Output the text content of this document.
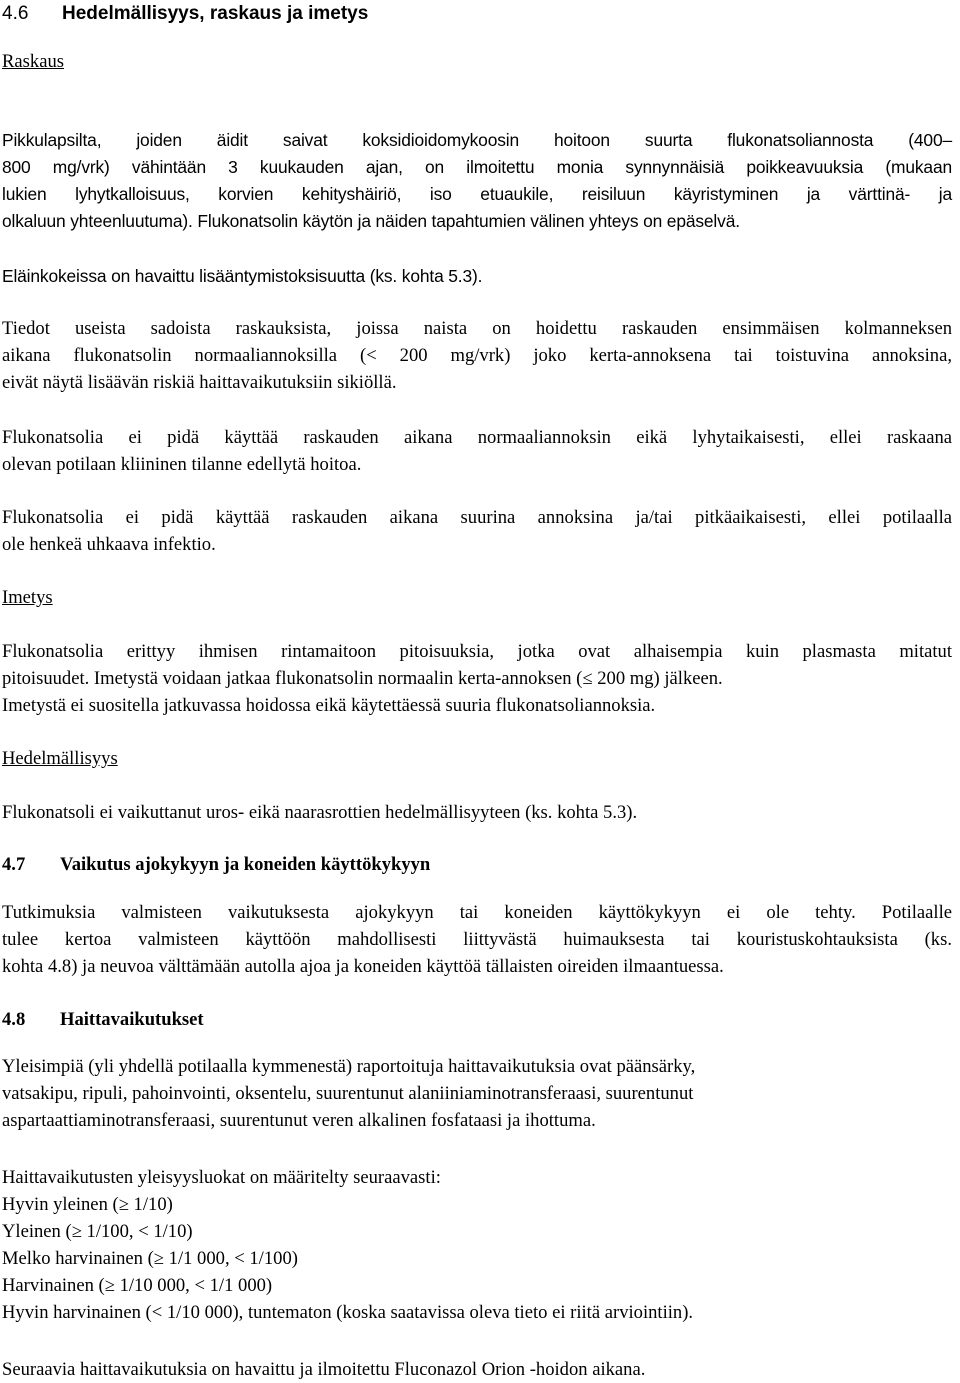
4.6 Hedelmällisyys, raskaus ja imetys
Raskaus
Pikkulapsilta, joiden äidit saivat koksidioidomykoosin hoitoon suurta flukonatsoliannosta (400–
800 mg/vrk) vähintään 3 kuukauden ajan, on ilmoitettu monia synnynnäisiä poikkeavuuksia (mukaan
lukien lyhytkalloisuus, korvien kehityshäiriö, iso etuaukile, reisiluun käyristyminen ja värttinä- ja
olkaluun yhteenluutuma). Flukonatsolin käytön ja näiden tapahtumien välinen yhteys on epäselvä.
Eläinkokeissa on havaittu lisääntymistoksisuutta (ks. kohta 5.3).
Tiedot useista sadoista raskauksista, joissa naista on hoidettu raskauden ensimmäisen kolmanneksen
aikana flukonatsolin normaaliannoksilla (< 200 mg/vrk) joko kerta-annoksena tai toistuvina annoksina,
eivät näytä lisäävän riskiä haittavaikutuksiin sikiöllä.
Flukonatsolia ei pidä käyttää raskauden aikana normaaliannoksin eikä lyhytaikaisesti, ellei raskaana
olevan potilaan kliininen tilanne edellytä hoitoa.
Flukonatsolia ei pidä käyttää raskauden aikana suurina annoksina ja/tai pitkäaikaisesti, ellei potilaalla
ole henkeä uhkaava infektio.
Imetys
Flukonatsolia erittyy ihmisen rintamaitoon pitoisuuksia, jotka ovat alhaisempia kuin plasmasta mitatut
pitoisuudet. Imetystä voidaan jatkaa flukonatsolin normaalin kerta-annoksen (≤ 200 mg) jälkeen.
Imetystä ei suositella jatkuvassa hoidossa eikä käytettäessä suuria flukonatsoliannoksia.
Hedelmällisyys
Flukonatsoli ei vaikuttanut uros- eikä naarasrottien hedelmällisyyteen (ks. kohta 5.3).
4.7 Vaikutus ajokykyyn ja koneiden käyttökykyyn
Tutkimuksia valmisteen vaikutuksesta ajokykyyn tai koneiden käyttökykyyn ei ole tehty. Potilaalle
tulee kertoa valmisteen käyttöön mahdollisesti liittyvästä huimauksesta tai kouristuskohtauksista (ks.
kohta 4.8) ja neuvoa välttämään autolla ajoa ja koneiden käyttöä tällaisten oireiden ilmaantuessa.
4.8 Haittavaikutukset
Yleisimpiä (yli yhdellä potilaalla kymmenestä) raportoituja haittavaikutuksia ovat päänsärky,
vatsakipu, ripuli, pahoinvointi, oksentelu, suurentunut alaniiniaminotransferaasi, suurentunut
aspartaattiaminotransferaasi, suurentunut veren alkalinen fosfataasi ja ihottuma.
Haittavaikutusten yleisyysluokat on määritelty seuraavasti:
Hyvin yleinen (≥ 1/10)
Yleinen (≥ 1/100, < 1/10)
Melko harvinainen (≥ 1/1 000, < 1/100)
Harvinainen (≥ 1/10 000, < 1/1 000)
Hyvin harvinainen (< 1/10 000), tuntematon (koska saatavissa oleva tieto ei riitä arviointiin).
Seuraavia haittavaikutuksia on havaittu ja ilmoitettu Fluconazol Orion -hoidon aikana.
